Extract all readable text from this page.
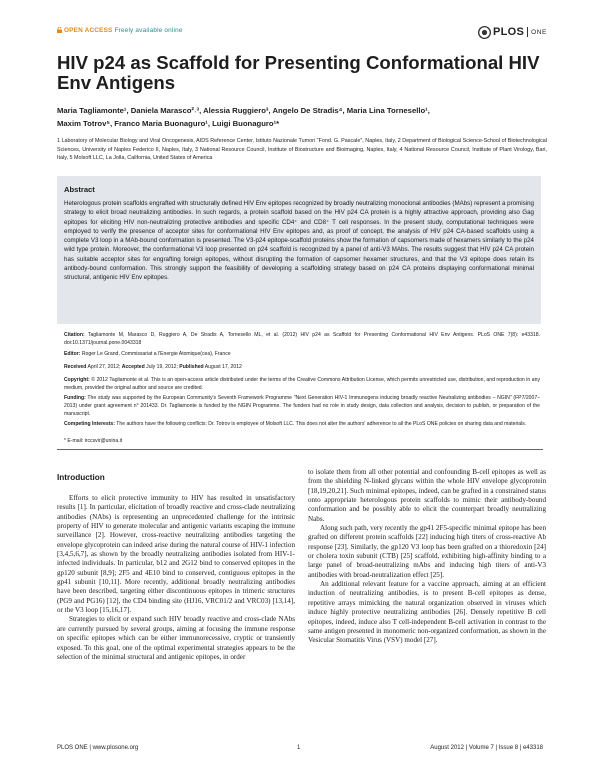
OPEN ACCESS Freely available online	PLOS ONE
HIV p24 as Scaffold for Presenting Conformational HIV Env Antigens
Maria Tagliamonte¹, Daniela Marasco²˒³, Alessia Ruggiero³, Angelo De Stradis⁴, Maria Lina Tornesello¹,
Maxim Totrov⁵, Franco Maria Buonaguro¹, Luigi Buonaguro¹*
1 Laboratory of Molecular Biology and Viral Oncogenesis, AIDS Reference Center, Istituto Nazionale Tumori "Fond. G. Pascale", Naples, Italy, 2 Department of Biological Science-School of Biotechnological Sciences, University of Naples Federico II, Naples, Italy, 3 National Resource Council, Institute of Biostructure and Bioimaging, Naples, Italy, 4 National Resource Council, Institute of Plant Virology, Bari, Italy, 5 Molsoft LLC, La Jolla, California, United States of America
Abstract
Heterologous protein scaffolds engrafted with structurally defined HIV Env epitopes recognized by broadly neutralizing monoclonal antibodies (MAbs) represent a promising strategy to elicit broad neutralizing antibodies. In such regards, a protein scaffold based on the HIV p24 CA protein is a highly attractive approach, providing also Gag epitopes for eliciting HIV non-neutralizing protective antibodies and specific CD4⁺ and CD8⁺ T cell responses. In the present study, computational techniques were employed to verify the presence of acceptor sites for conformational HIV Env epitopes and, as proof of concept, the analysis of HIV p24 CA-based scaffolds using a complete V3 loop in a MAb-bound conformation is presented. The V3-p24 epitope-scaffold proteins show the formation of capsomers made of hexamers similarly to the p24 wild type protein. Moreover, the conformational V3 loop presented on p24 scaffold is recognized by a panel of anti-V3 MAbs. The results suggest that HIV p24 CA protein has suitable acceptor sites for engrafting foreign epitopes, without disrupting the formation of capsomer hexamer structures, and that the V3 epitope does retain its antibody-bound conformation. This strongly support the feasibility of developing a scaffolding strategy based on p24 CA proteins displaying conformational minimal structural, antigenic HIV Env epitopes.
Citation: Tagliamonte M, Marasco D, Ruggiero A, De Stradis A, Tornesello ML, et al. (2012) HIV p24 as Scaffold for Presenting Conformational HIV Env Antigens. PLoS ONE 7(8): e43318. doi:10.1371/journal.pone.0043318
Editor: Roger Le Grand, Commissariat a l'Energie Atomique(cea), France
Received April 27, 2012; Accepted July 19, 2012; Published August 17, 2012
Copyright: © 2012 Tagliamonte et al. This is an open-access article distributed under the terms of the Creative Commons Attribution License, which permits unrestricted use, distribution, and reproduction in any medium, provided the original author and source are credited.
Funding: The study was supported by the European Community's Seventh Framework Programme "Next Generation HIV-1 Immunogens inducing broadly reactive Neutralizing antibodies – NGIN" (FP7/2007–2013) under grant agreement n° 201433. Dr. Tagliamonte is funded by the NGIN Programme. The funders had no role in study design, data collection and analysis, decision to publish, or preparation of the manuscript.
Competing Interests: The authors have the following conflicts: Dr. Totrov is employee of Molsoft LLC. This does not alter the authors' adherence to all the PLoS ONE policies on sharing data and materials.
* E-mail: irccsvir@unina.it
Introduction

Efforts to elicit protective immunity to HIV has resulted in unsatisfactory results [1]. In particular, elicitation of broadly reactive and cross-clade neutralizing antibodies (NAbs) is representing an unprecedented challenge for the intrinsic property of HIV to generate molecular and antigenic variants escaping the immune surveillance [2]. However, cross-reactive neutralizing antibodies targeting the envelope glycoprotein can indeed arise during the natural course of HIV-1 infection [3,4,5,6,7], as shown by the broadly neutralizing antibodies isolated from HIV-1-infected individuals. In particular, b12 and 2G12 bind to conserved epitopes in the gp120 subunit [8,9]; 2F5 and 4E10 bind to conserved, contiguous epitopes in the gp41 subunit [10,11]. More recently, additional broadly neutralizing antibodies have been described, targeting either discontinuous epitopes in trimeric structures (PG9 and PG16) [12], the CD4 binding site (HJ16, VRC01/2 and VRC03) [13,14], or the V3 loop [15,16,17].

Strategies to elicit or expand such HIV broadly reactive and cross-clade NAbs are currently pursued by several groups, aiming at focusing the immune response on specific epitopes which can be either immunorecessive, cryptic or transiently exposed. To this goal, one of the optimal experimental strategies appears to be the selection of the minimal structural and antigenic epitopes, in order

to isolate them from all other potential and confounding B-cell epitopes as well as from the shielding N-linked glycans within the whole HIV envelope glycoprotein [18,19,20,21]. Such minimal epitopes, indeed, can be grafted in a constrained status onto appropriate heterologous protein scaffolds to mimic their antibody-bound conformation and be possibly able to elicit the counterpart broadly neutralizing Nabs.

Along such path, very recently the gp41 2F5-specific minimal epitope has been grafted on different protein scaffolds [22] inducing high titers of cross-reactive Ab response [23]. Similarly, the gp120 V3 loop has been grafted on a thioredoxin [24] or cholera toxin subunit (CTB) [25] scaffold, exhibiting high-affinity binding to a large panel of broad-neutralizing mAbs and inducing high titers of anti-V3 antibodies with broad-neutralization effect [25].

An additional relevant feature for a vaccine approach, aiming at an efficient induction of neutralizing antibodies, is to present B-cell epitopes as dense, repetitive arrays mimicking the natural organization observed in viruses which induce highly protective neutralizing antibodies [26]. Densely repetitive B cell epitopes, indeed, induce also T cell-independent B-cell activation in contrast to the same antigen presented in monomeric non-organized conformation, as shown in the Vesicular Stomatitis Virus (VSV) model [27].

PLOS ONE | www.plosone.org	1	August 2012 | Volume 7 | Issue 8 | e43318
